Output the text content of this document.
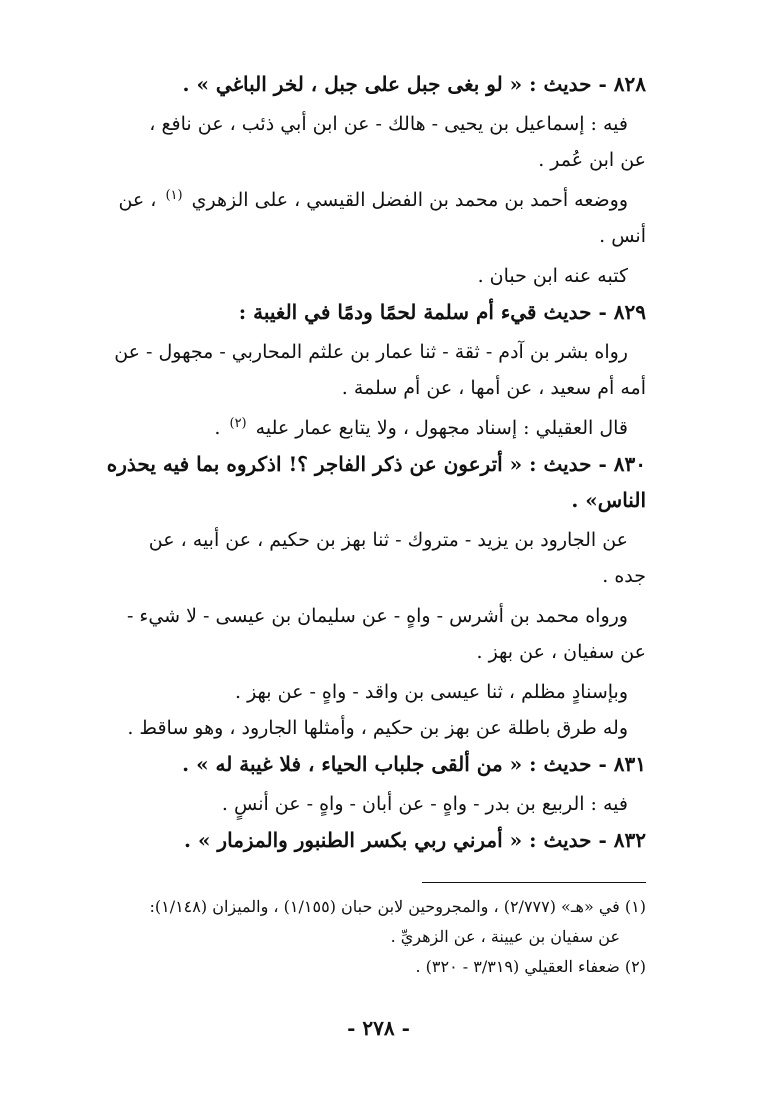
٨٢٨ - حديث : « لو بغى جبل على جبل ، لخر الباغي » .
فيه : إسماعيل بن يحيى - هالك - عن ابن أبي ذئب ، عن نافع ،
عن ابن عُمر .
ووضعه أحمد بن محمد بن الفضل القيسي ، على الزهري $^{(١)}$ ، عن
أنس .
كتبه عنه ابن حبان .
٨٢٩ - حديث قيء أم سلمة لحمًا ودمًا في الغيبة :
رواه بشر بن آدم - ثقة - ثنا عمار بن علثم المحاربي - مجهول - عن
أمه أم سعيد ، عن أمها ، عن أم سلمة .
قال العقيلي : إسناد مجهول ، ولا يتابع عمار عليه $^{(٢)}$ .
٨٣٠ - حديث : « أترعون عن ذكر الفاجر ؟! اذكروه بما فيه يحذره
الناس» .
عن الجارود بن يزيد - متروك - ثنا بهز بن حكيم ، عن أبيه ، عن
جده .
ورواه محمد بن أشرس - واهٍ - عن سليمان بن عيسى - لا شيء -
عن سفيان ، عن بهز .
وبإسنادٍ مظلم ، ثنا عيسى بن واقد - واهٍ - عن بهز .
وله طرق باطلة عن بهز بن حكيم ، وأمثلها الجارود ، وهو ساقط .
٨٣١ - حديث : « من ألقى جلباب الحياء ، فلا غيبة له » .
فيه : الربيع بن بدر - واهٍ - عن أبان - واهٍ - عن أنسٍ .
٨٣٢ - حديث : « أمرني ربي بكسر الطنبور والمزمار » .
(١) في «هـ» (٢/٧٧٧) ، والمجروحين لابن حبان (١/١٥٥) ، والميزان (١/١٤٨):
عن سفيان بن عيينة ، عن الزهريِّ .
(٢) ضعفاء العقيلي (٣/٣١٩ - ٣٢٠) .
- ٢٧٨ -
